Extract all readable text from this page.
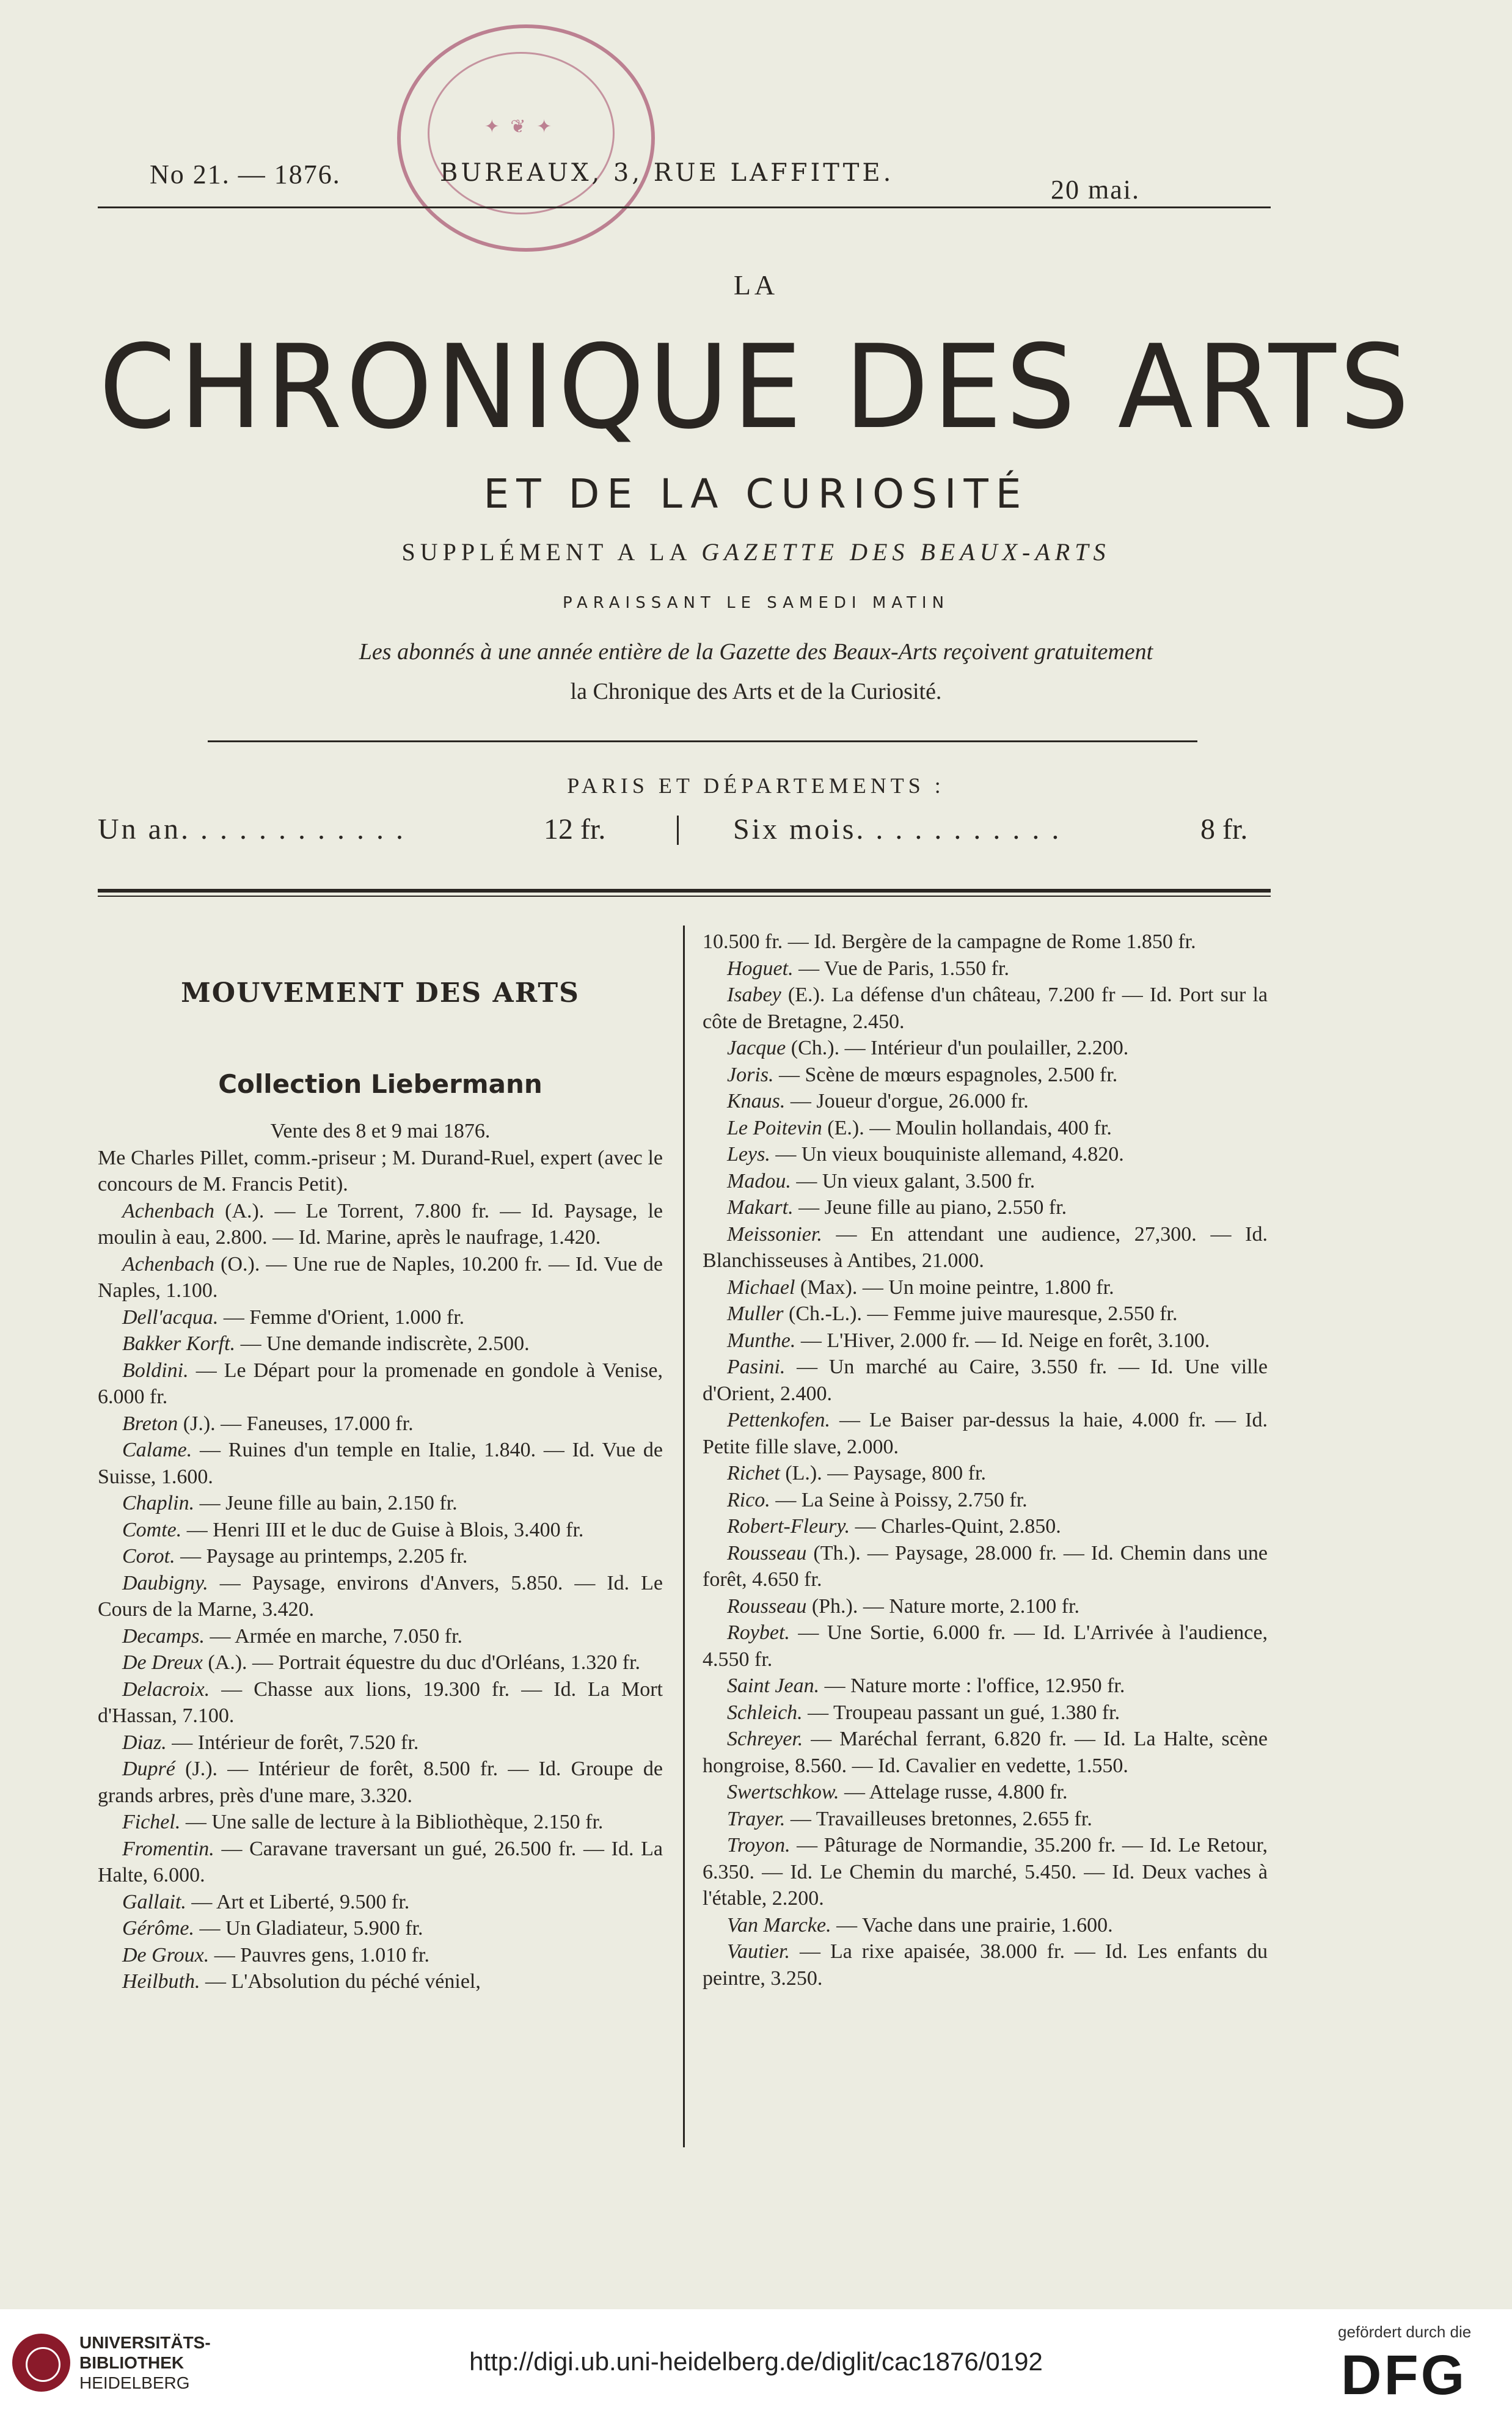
✦ ❦ ✦
No 21. — 1876.	BUREAUX, 3, RUE LAFFITTE.
20 mai.
LA
CHRONIQUE DES ARTS
ET DE LA CURIOSITÉ
SUPPLÉMENT A LA GAZETTE DES BEAUX-ARTS
PARAISSANT LE SAMEDI MATIN
Les abonnés à une année entière de la Gazette des Beaux-Arts reçoivent gratuitement
la Chronique des Arts et de la Curiosité.
PARIS ET DÉPARTEMENTS :
Un an. . . . . . . . . . . .	12 fr.	Six mois. . . . . . . . . . .	8 fr.
MOUVEMENT DES ARTS
Collection Liebermann

Vente des 8 et 9 mai 1876.

Me Charles Pillet, comm.-priseur ; M. Durand-Ruel, expert (avec le concours de M. Francis Petit).

Achenbach (A.). — Le Torrent, 7.800 fr. — Id. Paysage, le moulin à eau, 2.800. — Id. Marine, après le naufrage, 1.420.

Achenbach (O.). — Une rue de Naples, 10.200 fr. — Id. Vue de Naples, 1.100.

Dell'acqua. — Femme d'Orient, 1.000 fr.

Bakker Korft. — Une demande indiscrète, 2.500.

Boldini. — Le Départ pour la promenade en gondole à Venise, 6.000 fr.

Breton (J.). — Faneuses, 17.000 fr.

Calame. — Ruines d'un temple en Italie, 1.840. — Id. Vue de Suisse, 1.600.

Chaplin. — Jeune fille au bain, 2.150 fr.

Comte. — Henri III et le duc de Guise à Blois, 3.400 fr.

Corot. — Paysage au printemps, 2.205 fr.

Daubigny. — Paysage, environs d'Anvers, 5.850. — Id. Le Cours de la Marne, 3.420.

Decamps. — Armée en marche, 7.050 fr.

De Dreux (A.). — Portrait équestre du duc d'Orléans, 1.320 fr.

Delacroix. — Chasse aux lions, 19.300 fr. — Id. La Mort d'Hassan, 7.100.

Diaz. — Intérieur de forêt, 7.520 fr.

Dupré (J.). — Intérieur de forêt, 8.500 fr. — Id. Groupe de grands arbres, près d'une mare, 3.320.

Fichel. — Une salle de lecture à la Bibliothèque, 2.150 fr.

Fromentin. — Caravane traversant un gué, 26.500 fr. — Id. La Halte, 6.000.

Gallait. — Art et Liberté, 9.500 fr.

Gérôme. — Un Gladiateur, 5.900 fr.

De Groux. — Pauvres gens, 1.010 fr.

Heilbuth. — L'Absolution du péché véniel,

10.500 fr. — Id. Bergère de la campagne de Rome 1.850 fr.

Hoguet. — Vue de Paris, 1.550 fr.

Isabey (E.). La défense d'un château, 7.200 fr — Id. Port sur la côte de Bretagne, 2.450.

Jacque (Ch.). — Intérieur d'un poulailler, 2.200.

Joris. — Scène de mœurs espagnoles, 2.500 fr.

Knaus. — Joueur d'orgue, 26.000 fr.

Le Poitevin (E.). — Moulin hollandais, 400 fr.

Leys. — Un vieux bouquiniste allemand, 4.820.

Madou. — Un vieux galant, 3.500 fr.

Makart. — Jeune fille au piano, 2.550 fr.

Meissonier. — En attendant une audience, 27,300. — Id. Blanchisseuses à Antibes, 21.000.

Michael (Max). — Un moine peintre, 1.800 fr.

Muller (Ch.-L.). — Femme juive mauresque, 2.550 fr.

Munthe. — L'Hiver, 2.000 fr. — Id. Neige en forêt, 3.100.

Pasini. — Un marché au Caire, 3.550 fr. — Id. Une ville d'Orient, 2.400.

Pettenkofen. — Le Baiser par-dessus la haie, 4.000 fr. — Id. Petite fille slave, 2.000.

Richet (L.). — Paysage, 800 fr.

Rico. — La Seine à Poissy, 2.750 fr.

Robert-Fleury. — Charles-Quint, 2.850.

Rousseau (Th.). — Paysage, 28.000 fr. — Id. Chemin dans une forêt, 4.650 fr.

Rousseau (Ph.). — Nature morte, 2.100 fr.

Roybet. — Une Sortie, 6.000 fr. — Id. L'Arrivée à l'audience, 4.550 fr.

Saint Jean. — Nature morte : l'office, 12.950 fr.

Schleich. — Troupeau passant un gué, 1.380 fr.

Schreyer. — Maréchal ferrant, 6.820 fr. — Id. La Halte, scène hongroise, 8.560. — Id. Cavalier en vedette, 1.550.

Swertschkow. — Attelage russe, 4.800 fr.

Trayer. — Travailleuses bretonnes, 2.655 fr.

Troyon. — Pâturage de Normandie, 35.200 fr. — Id. Le Retour, 6.350. — Id. Le Chemin du marché, 5.450. — Id. Deux vaches à l'étable, 2.200.

Van Marcke. — Vache dans une prairie, 1.600.

Vautier. — La rixe apaisée, 38.000 fr. — Id. Les enfants du peintre, 3.250.

UNIVERSITÄTS-
BIBLIOTHEK
HEIDELBERG
http://digi.ub.uni-heidelberg.de/diglit/cac1876/0192
gefördert durch die
DFG
